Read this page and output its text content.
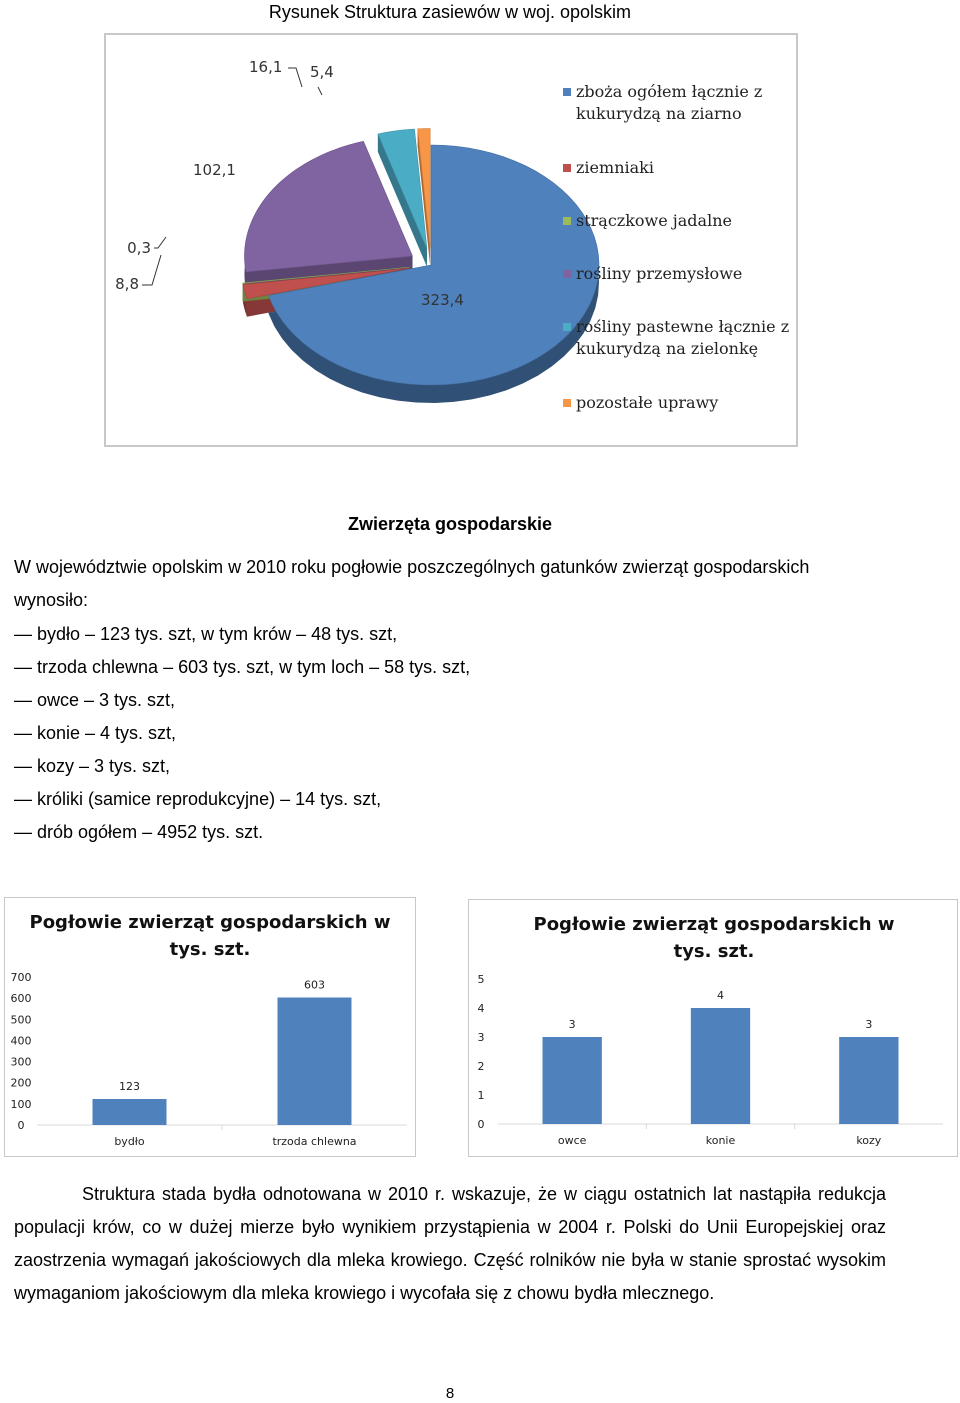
Rysunek Struktura zasiewów w woj. opolskim
323,4
8,8
0,3
102,1
16,1 5,4
zboża ogółem łącznie z
kukurydzą na ziarno
ziemniaki
strączkowe jadalne
rośliny przemysłowe
rośliny pastewne łącznie z
kukurydzą na zielonkę
pozostałe uprawy
Zwierzęta gospodarskie
W województwie opolskim w 2010 roku pogłowie poszczególnych gatunków zwierząt gospodarskich wynosiło:
— bydło – 123 tys. szt, w tym krów – 48 tys. szt,
— trzoda chlewna – 603 tys. szt, w tym loch – 58 tys. szt,
— owce – 3 tys. szt,
— konie – 4 tys. szt,
— kozy – 3 tys. szt,
— króliki (samice reprodukcyjne) – 14 tys. szt,
— drób ogółem – 4952 tys. szt.
Pogłowie zwierząt gospodarskich w
tys. szt.
0
100
200
300
400
500
600
700
123
bydło
603
trzoda chlewna
Pogłowie zwierząt gospodarskich w
tys. szt.
0
1
2
3
4
5
3
owce
4
konie
3
kozy
Struktura stada bydła odnotowana w 2010 r. wskazuje, że w ciągu ostatnich lat nastąpiła redukcja populacji krów, co w dużej mierze było wynikiem przystąpienia w 2004 r. Polski do Unii Europejskiej oraz zaostrzenia wymagań jakościowych dla mleka krowiego. Część rolników nie była w stanie sprostać wysokim wymaganiom jakościowym dla mleka krowiego i wycofała się z chowu bydła mlecznego.
8
